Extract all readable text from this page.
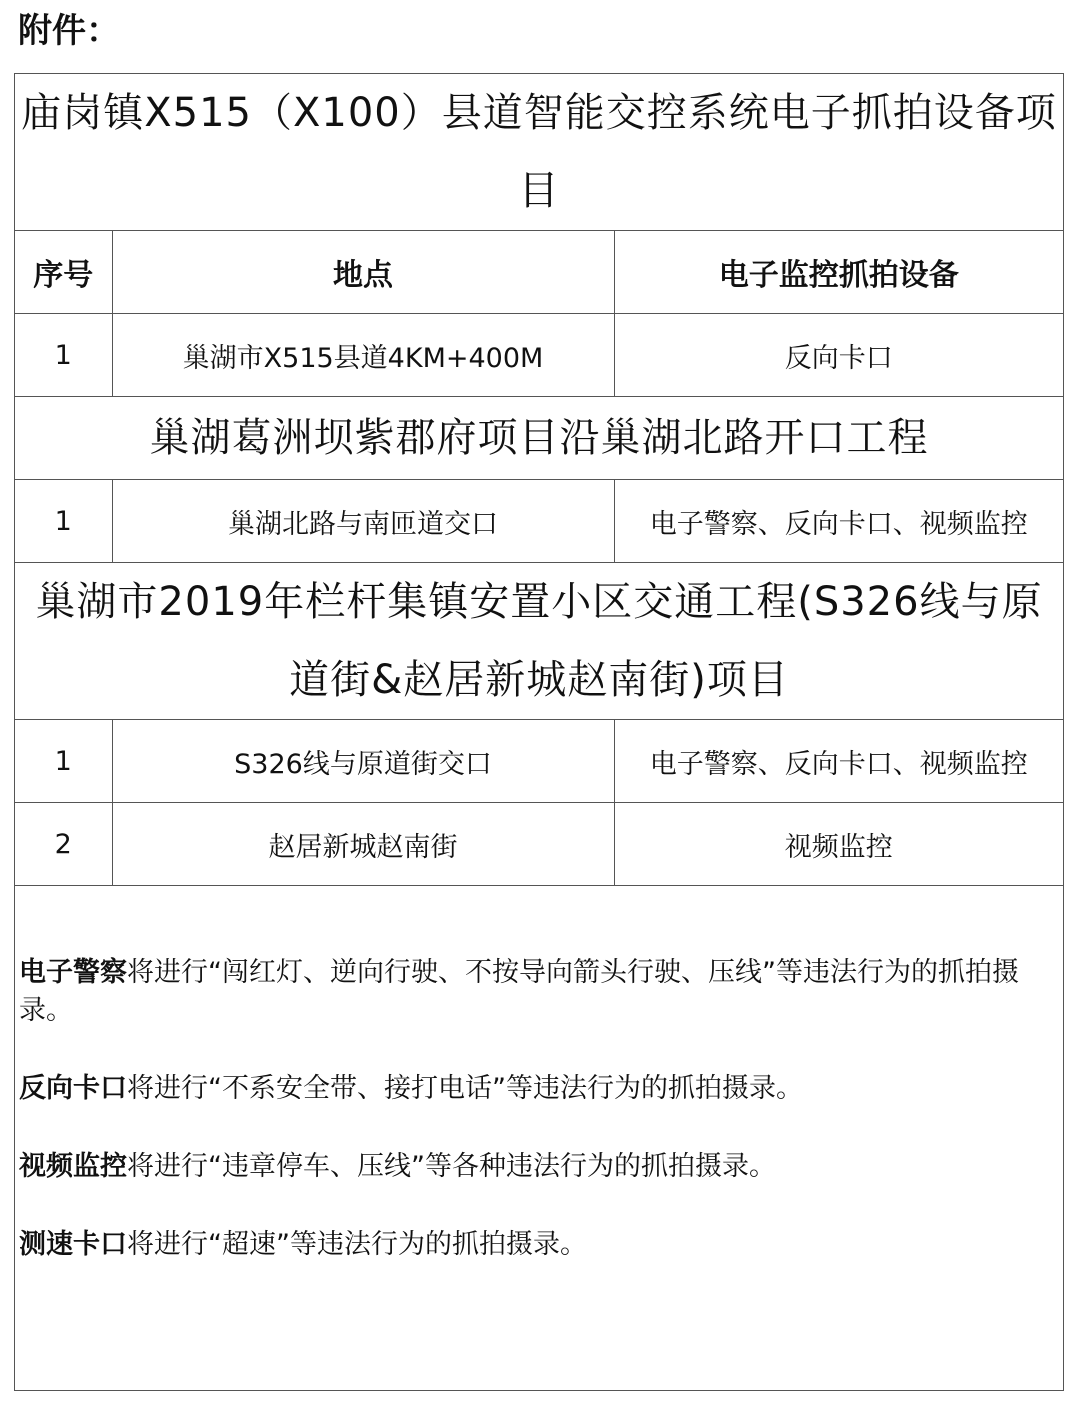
附件：
庙岗镇X515（X100）县道智能交控系统电子抓拍设备项目		
序号	地点	电子监控抓拍设备
1	巢湖市X515县道4KM+400M	反向卡口
巢湖葛洲坝紫郡府项目沿巢湖北路开口工程		
1	巢湖北路与南匝道交口	电子警察、反向卡口、视频监控
巢湖市2019年栏杆集镇安置小区交通工程(S326线与原道街&赵居新城赵南街)项目		
1	S326线与原道街交口	电子警察、反向卡口、视频监控
2	赵居新城赵南街	视频监控

电子警察将进行“闯红灯、逆向行驶、不按导向箭头行驶、压线”等违法行为的抓拍摄录。

反向卡口将进行“不系安全带、接打电话”等违法行为的抓拍摄录。

视频监控将进行“违章停车、压线”等各种违法行为的抓拍摄录。

测速卡口将进行“超速”等违法行为的抓拍摄录。
